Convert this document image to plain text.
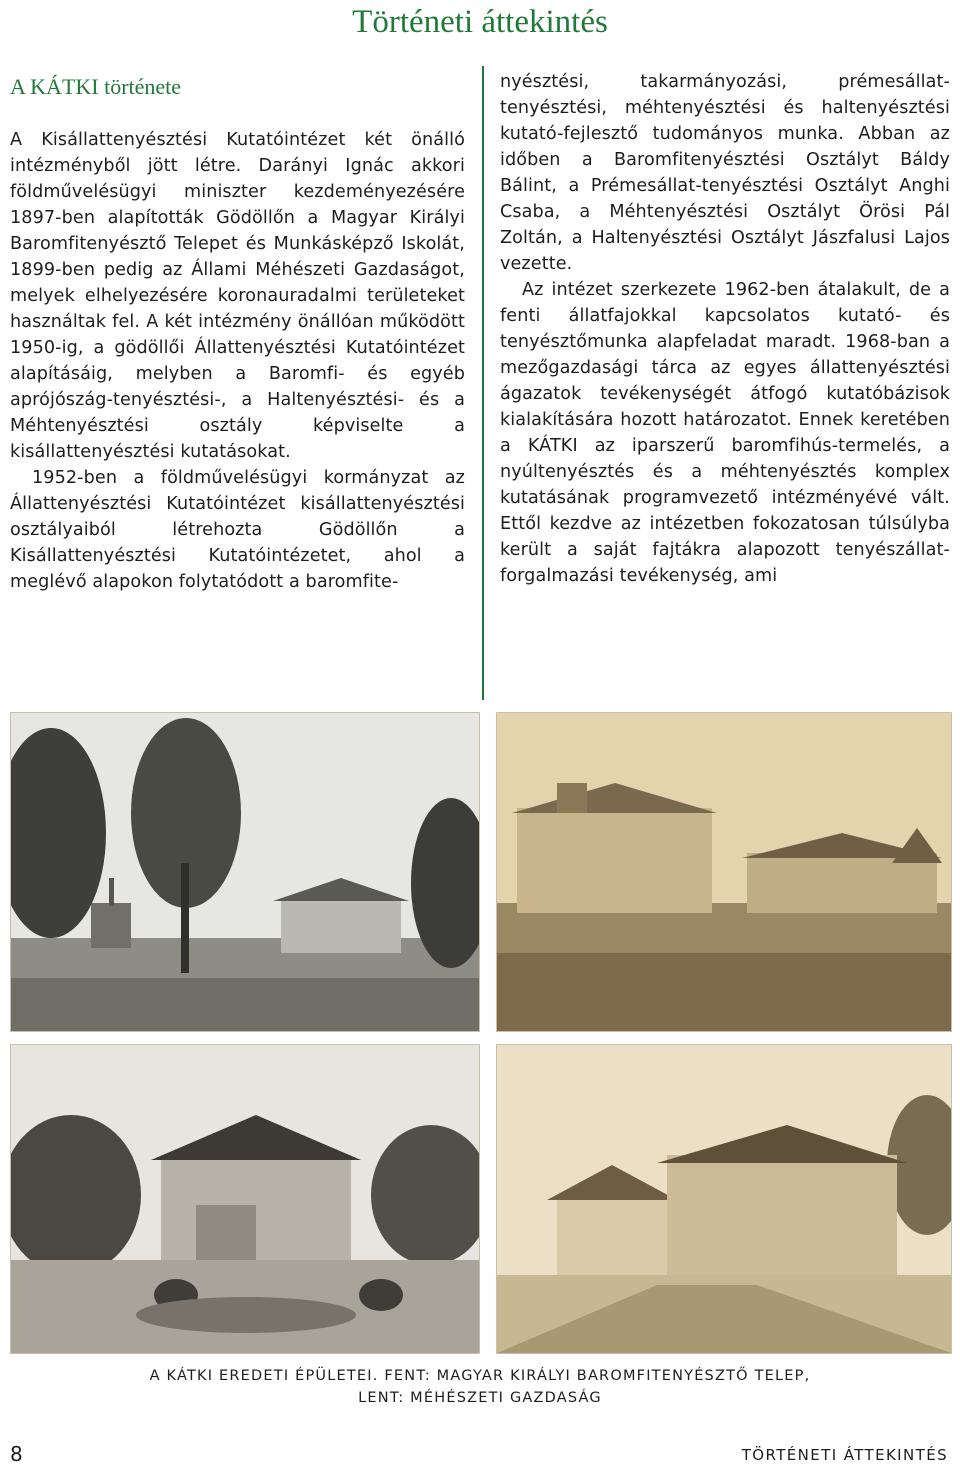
Történeti áttekintés
A KÁTKI története

A Kisállattenyésztési Kutatóintézet két önálló intézményből jött létre. Darányi Ignác akkori földművelésügyi miniszter kezdeményezésére 1897-ben alapították Gödöllőn a Magyar Királyi Baromfitenyésztő Telepet és Munkásképző Iskolát, 1899-ben pedig az Állami Méhészeti Gazdaságot, melyek elhelyezésére koronauradalmi területeket használtak fel. A két intézmény önállóan működött 1950-ig, a gödöllői Állattenyésztési Kutatóintézet alapításáig, melyben a Baromfi- és egyéb aprójószág-tenyésztési-, a Haltenyésztési- és a Méhtenyésztési osztály képviselte a kisállattenyésztési kutatásokat.

1952-ben a földművelésügyi kormányzat az Állattenyésztési Kutatóintézet kisállattenyésztési osztályaiból létrehozta Gödöllőn a Kisállattenyésztési Kutatóintézetet, ahol a meglévő alapokon folytatódott a baromfite-

nyésztési, takarmányozási, prémesállat-tenyésztési, méhtenyésztési és haltenyésztési kutató-fejlesztő tudományos munka. Abban az időben a Baromfitenyésztési Osztályt Báldy Bálint, a Prémesállat-tenyésztési Osztályt Anghi Csaba, a Méhtenyésztési Osztályt Örösi Pál Zoltán, a Haltenyésztési Osztályt Jászfalusi Lajos vezette.

Az intézet szerkezete 1962-ben átalakult, de a fenti állatfajokkal kapcsolatos kutató- és tenyésztőmunka alapfeladat maradt. 1968-ban a mezőgazdasági tárca az egyes állattenyésztési ágazatok tevékenységét átfogó kutatóbázisok kialakítására hozott határozatot. Ennek keretében a KÁTKI az iparszerű baromfihús-termelés, a nyúltenyésztés és a méhtenyésztés komplex kutatásának programvezető intézményévé vált. Ettől kezdve az intézetben fokozatosan túlsúlyba került a saját fajtákra alapozott tenyészállat-forgalmazási tevékenység, ami

A KÁTKI EREDETI ÉPÜLETEI. FENT: MAGYAR KIRÁLYI BAROMFITENYÉSZTŐ TELEP,
LENT: MÉHÉSZETI GAZDASÁG
8	TÖRTÉNETI ÁTTEKINTÉS
